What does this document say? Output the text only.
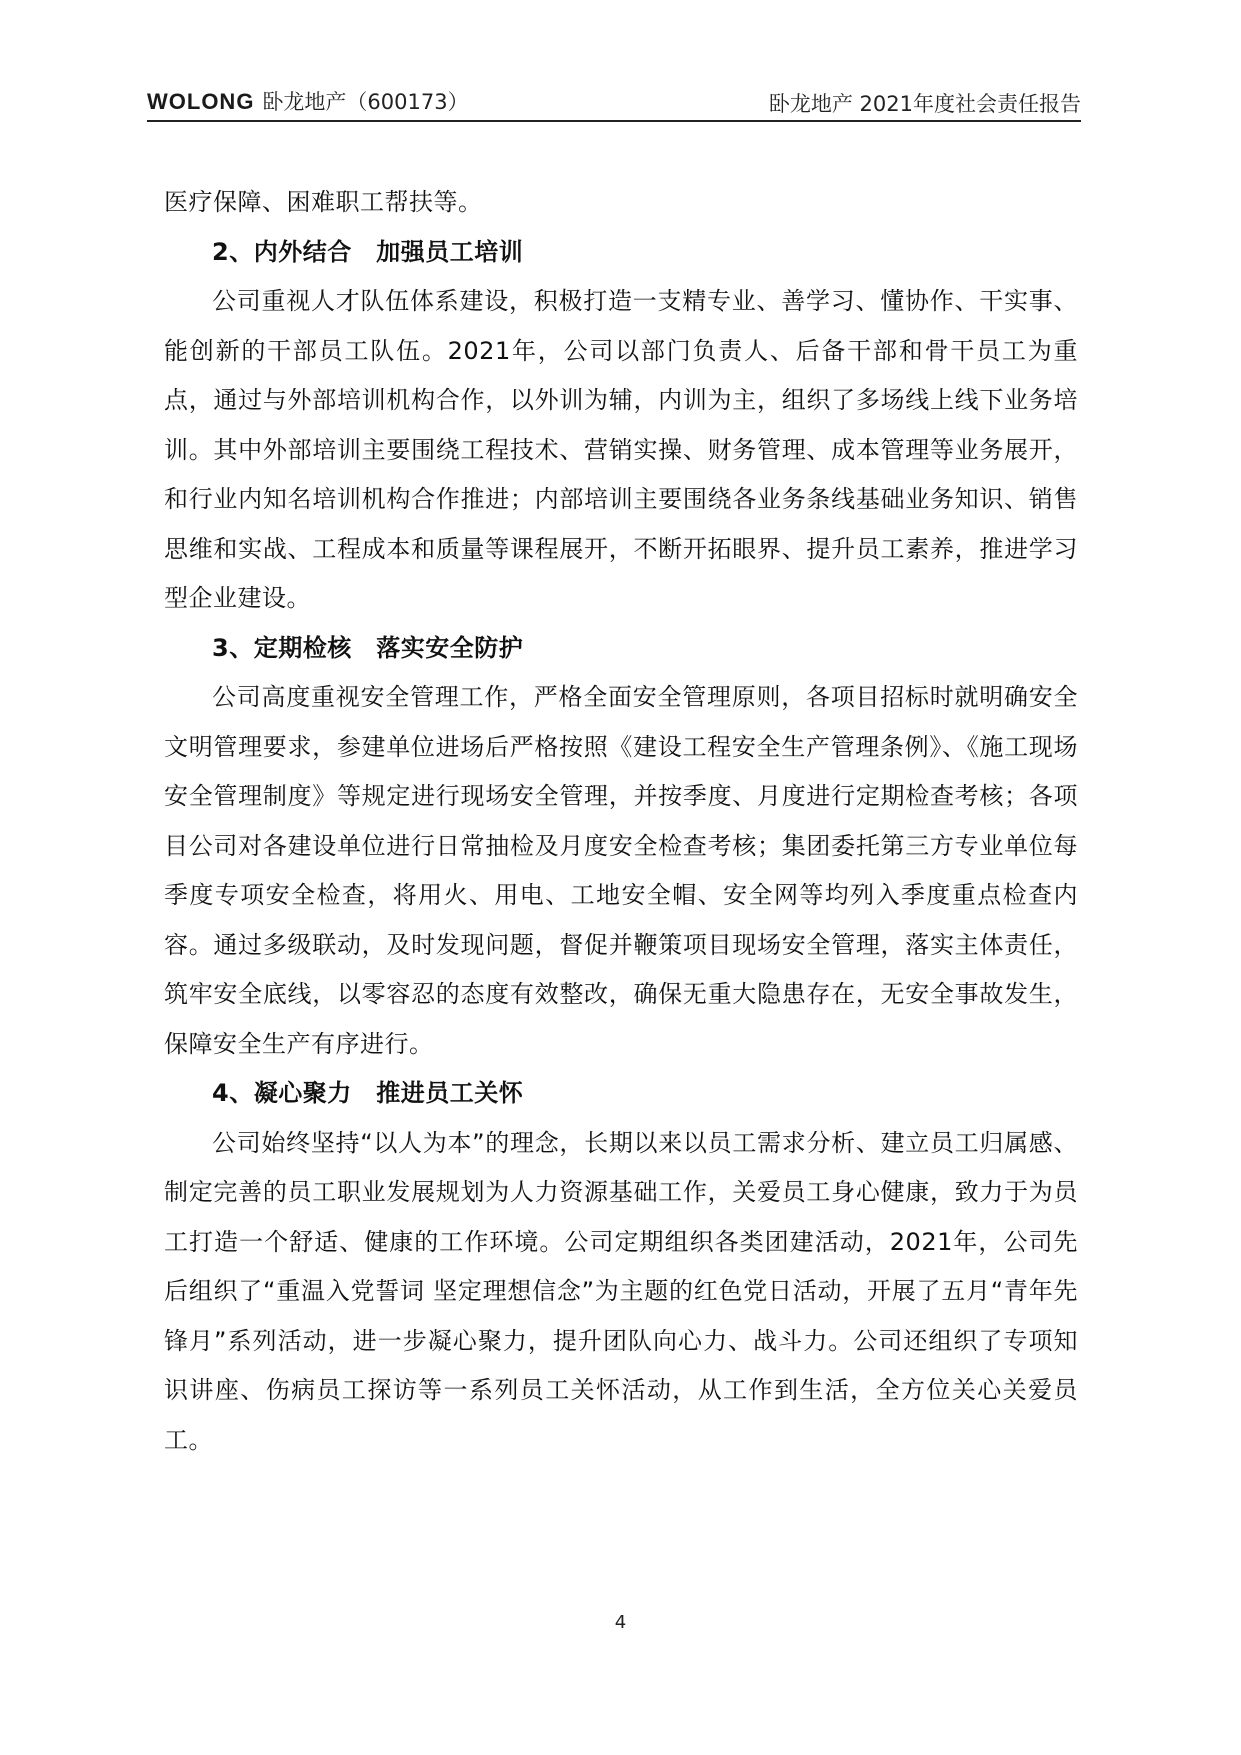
WOLONG 卧龙地产（600173）	卧龙地产 2021年度社会责任报告

医疗保障、困难职工帮扶等。

2、内外结合　加强员工培训

公司重视人才队伍体系建设，积极打造一支精专业、善学习、懂协作、干实事、能创新的干部员工队伍。2021年，公司以部门负责人、后备干部和骨干员工为重点，通过与外部培训机构合作，以外训为辅，内训为主，组织了多场线上线下业务培训。其中外部培训主要围绕工程技术、营销实操、财务管理、成本管理等业务展开，和行业内知名培训机构合作推进；内部培训主要围绕各业务条线基础业务知识、销售思维和实战、工程成本和质量等课程展开，不断开拓眼界、提升员工素养，推进学习型企业建设。

3、定期检核　落实安全防护

公司高度重视安全管理工作，严格全面安全管理原则，各项目招标时就明确安全文明管理要求，参建单位进场后严格按照《建设工程安全生产管理条例》、《施工现场安全管理制度》等规定进行现场安全管理，并按季度、月度进行定期检查考核；各项目公司对各建设单位进行日常抽检及月度安全检查考核；集团委托第三方专业单位每季度专项安全检查，将用火、用电、工地安全帽、安全网等均列入季度重点检查内容。通过多级联动，及时发现问题，督促并鞭策项目现场安全管理，落实主体责任，筑牢安全底线，以零容忍的态度有效整改，确保无重大隐患存在，无安全事故发生，保障安全生产有序进行。

4、凝心聚力　推进员工关怀

公司始终坚持“以人为本”的理念，长期以来以员工需求分析、建立员工归属感、制定完善的员工职业发展规划为人力资源基础工作，关爱员工身心健康，致力于为员工打造一个舒适、健康的工作环境。公司定期组织各类团建活动，2021年，公司先后组织了“重温入党誓词 坚定理想信念”为主题的红色党日活动，开展了五月“青年先锋月”系列活动，进一步凝心聚力，提升团队向心力、战斗力。公司还组织了专项知识讲座、伤病员工探访等一系列员工关怀活动，从工作到生活，全方位关心关爱员工。

4
